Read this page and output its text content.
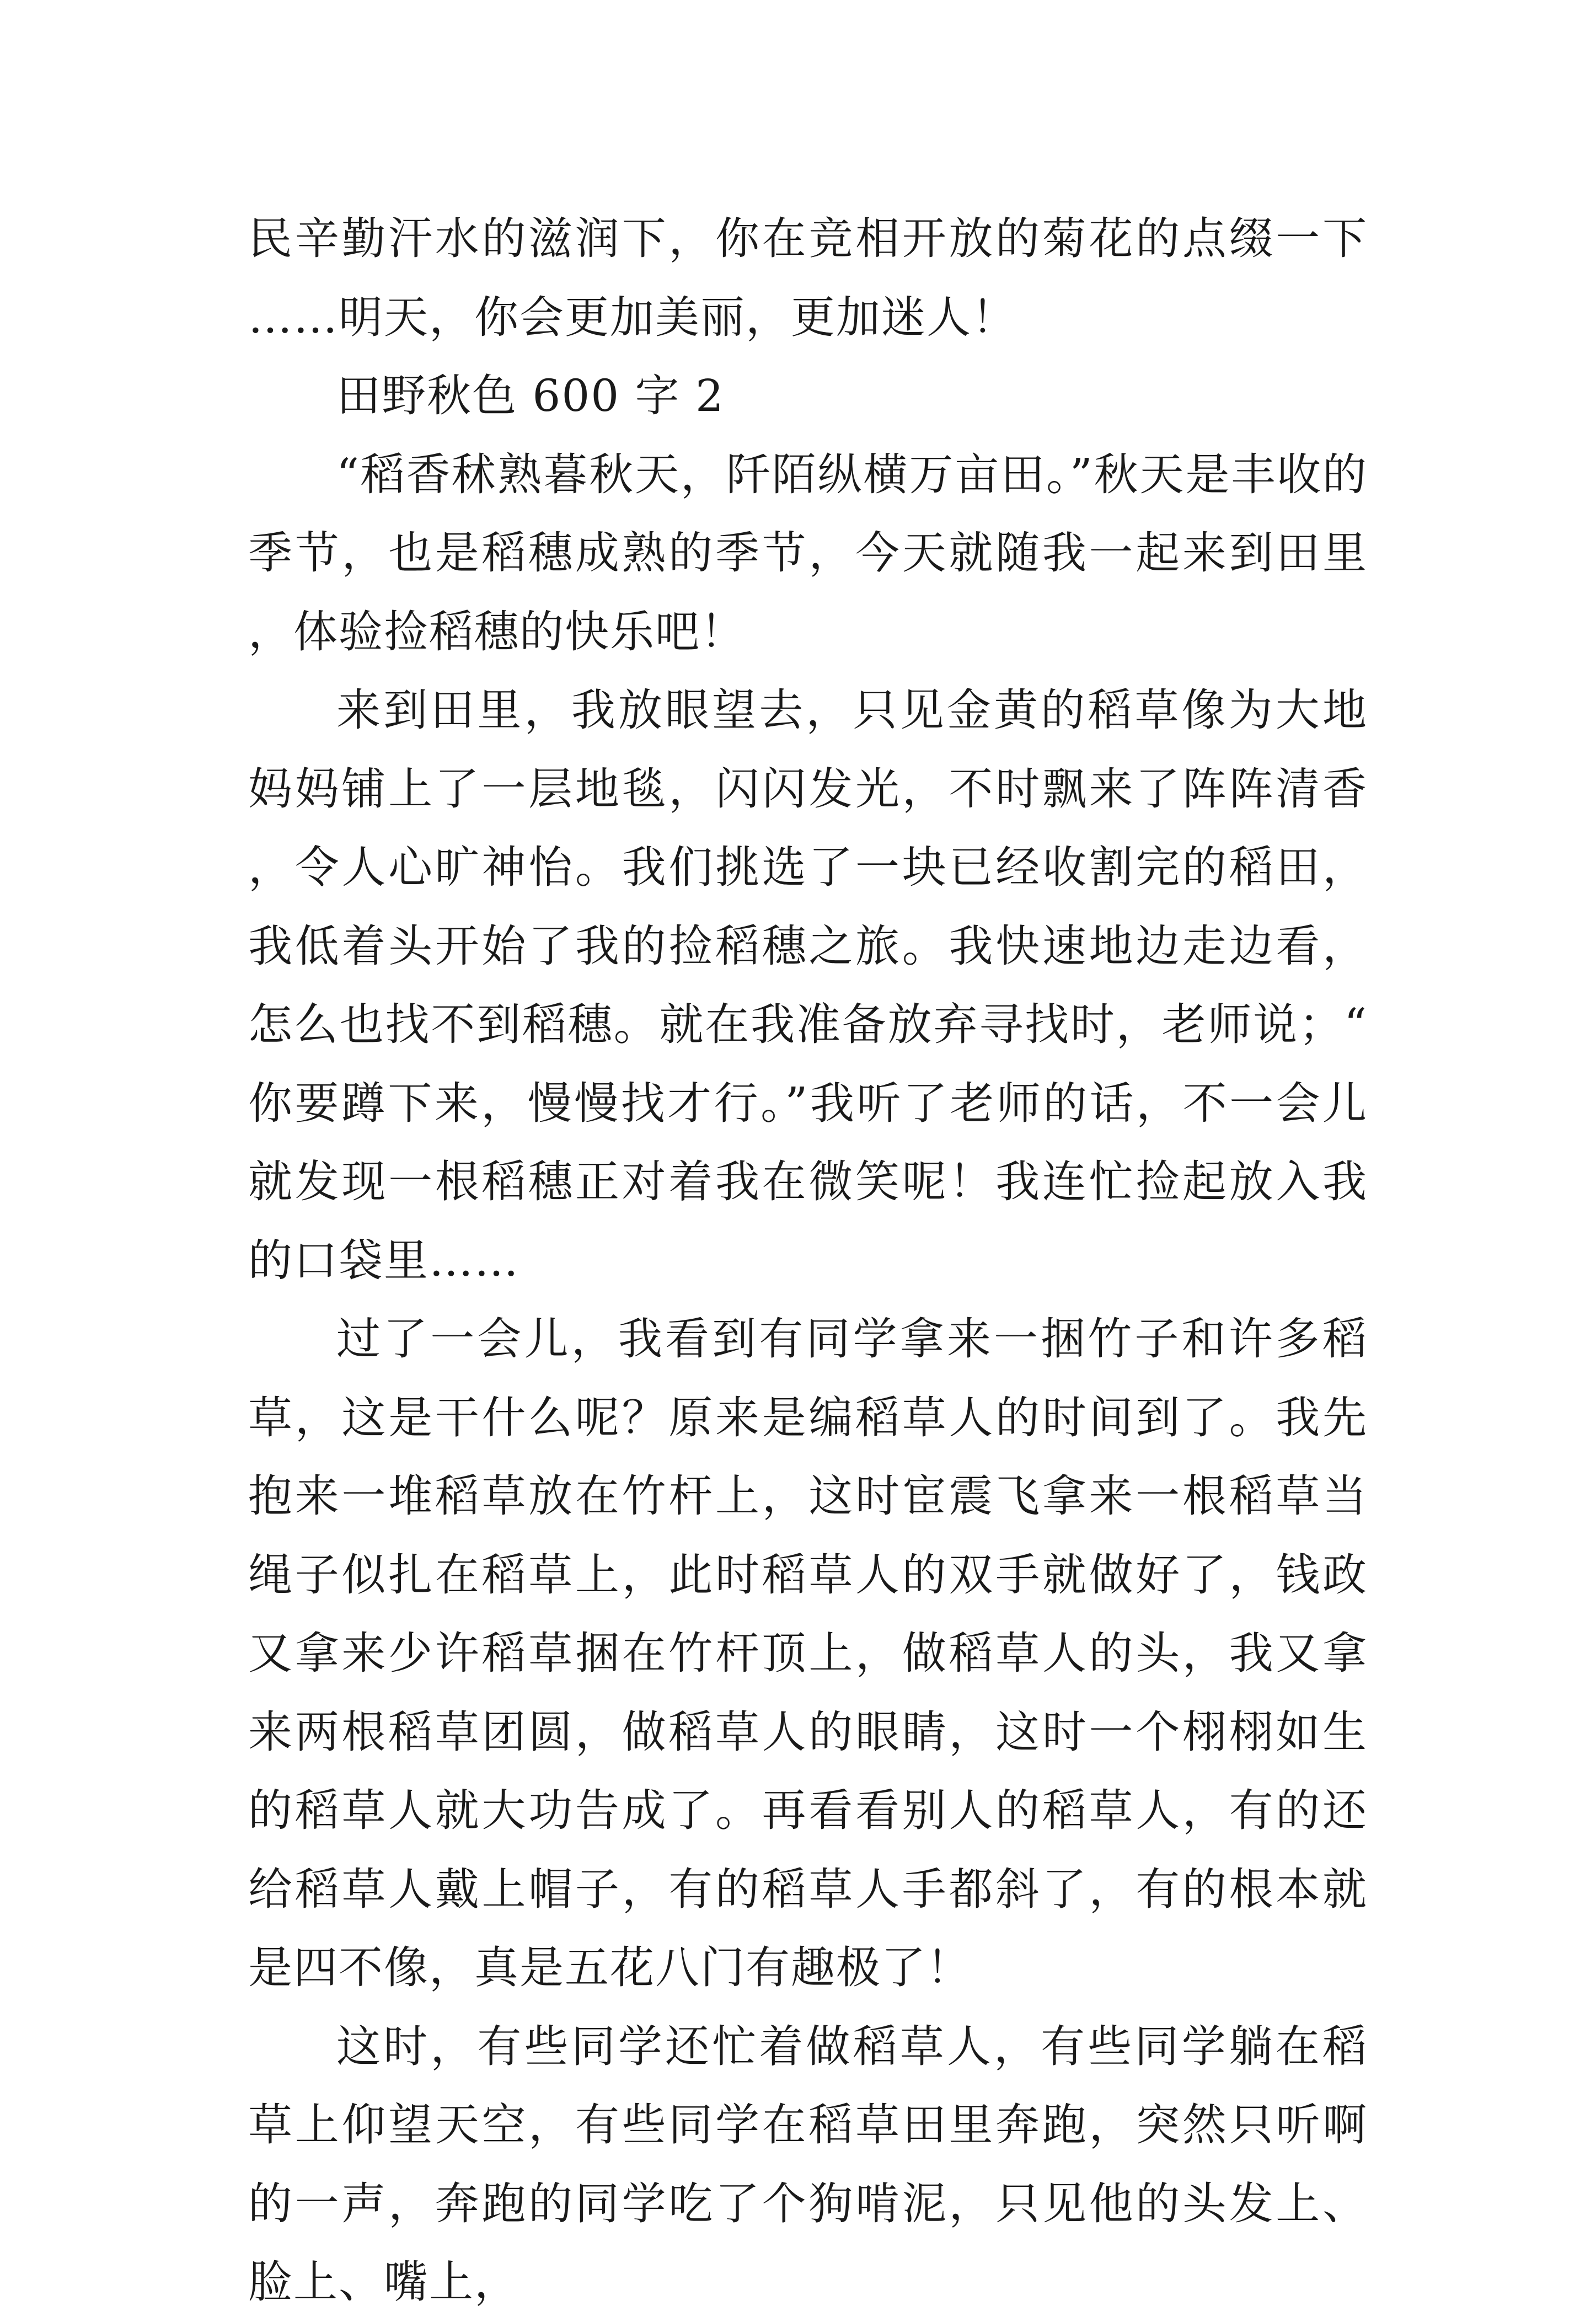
民辛勤汗水的滋润下，你在竞相开放的菊花的点缀一下……明天，你会更加美丽，更加迷人！

田野秋色 600 字 2

“稻香秫熟暮秋天，阡陌纵横万亩田。”秋天是丰收的季节，也是稻穗成熟的季节，今天就随我一起来到田里，体验捡稻穗的快乐吧！

来到田里，我放眼望去，只见金黄的稻草像为大地妈妈铺上了一层地毯，闪闪发光，不时飘来了阵阵清香，令人心旷神怡。我们挑选了一块已经收割完的稻田，我低着头开始了我的捡稻穗之旅。我快速地边走边看，怎么也找不到稻穗。就在我准备放弃寻找时，老师说；“你要蹲下来，慢慢找才行。”我听了老师的话，不一会儿就发现一根稻穗正对着我在微笑呢！我连忙捡起放入我的口袋里……

过了一会儿，我看到有同学拿来一捆竹子和许多稻草，这是干什么呢？原来是编稻草人的时间到了。我先抱来一堆稻草放在竹杆上，这时宦震飞拿来一根稻草当绳子似扎在稻草上，此时稻草人的双手就做好了，钱政又拿来少许稻草捆在竹杆顶上，做稻草人的头，我又拿来两根稻草团圆，做稻草人的眼睛，这时一个栩栩如生的稻草人就大功告成了。再看看别人的稻草人，有的还给稻草人戴上帽子，有的稻草人手都斜了，有的根本就是四不像，真是五花八门有趣极了！

这时，有些同学还忙着做稻草人，有些同学躺在稻草上仰望天空，有些同学在稻草田里奔跑，突然只听啊的一声，奔跑的同学吃了个狗啃泥，只见他的头发上、脸上、嘴上，
